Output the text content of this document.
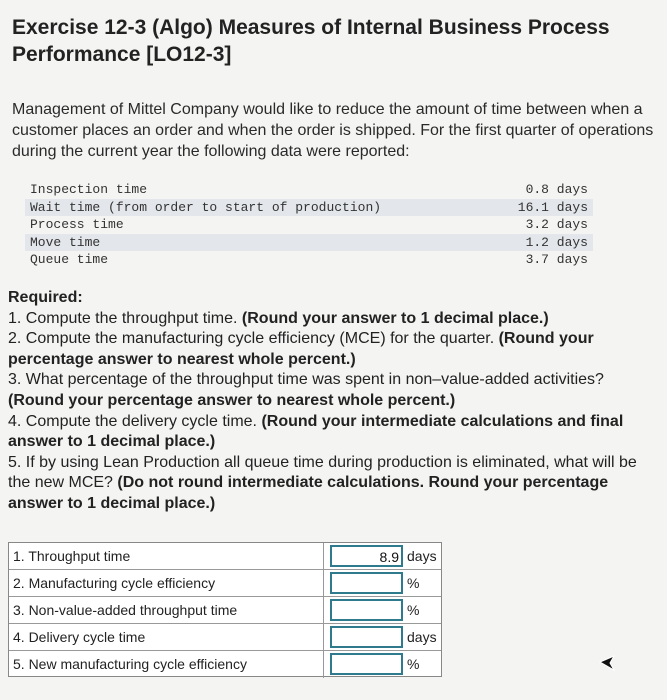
Exercise 12-3 (Algo) Measures of Internal Business Process Performance [LO12-3]
Management of Mittel Company would like to reduce the amount of time between when a customer places an order and when the order is shipped. For the first quarter of operations during the current year the following data were reported:
Inspection time	0.8 days
Wait time (from order to start of production)	16.1 days
Process time	3.2 days
Move time	1.2 days
Queue time	3.7 days
Required:
1. Compute the throughput time. (Round your answer to 1 decimal place.)
2. Compute the manufacturing cycle efficiency (MCE) for the quarter. (Round your percentage answer to nearest whole percent.)
3. What percentage of the throughput time was spent in non–value-added activities? (Round your percentage answer to nearest whole percent.)
4. Compute the delivery cycle time. (Round your intermediate calculations and final answer to 1 decimal place.)
5. If by using Lean Production all queue time during production is eliminated, what will be the new MCE? (Do not round intermediate calculations. Round your percentage answer to 1 decimal place.)
1. Throughput time	8.9 days
2. Manufacturing cycle efficiency	%
3. Non-value-added throughput time	%
4. Delivery cycle time	days
5. New manufacturing cycle efficiency	%
